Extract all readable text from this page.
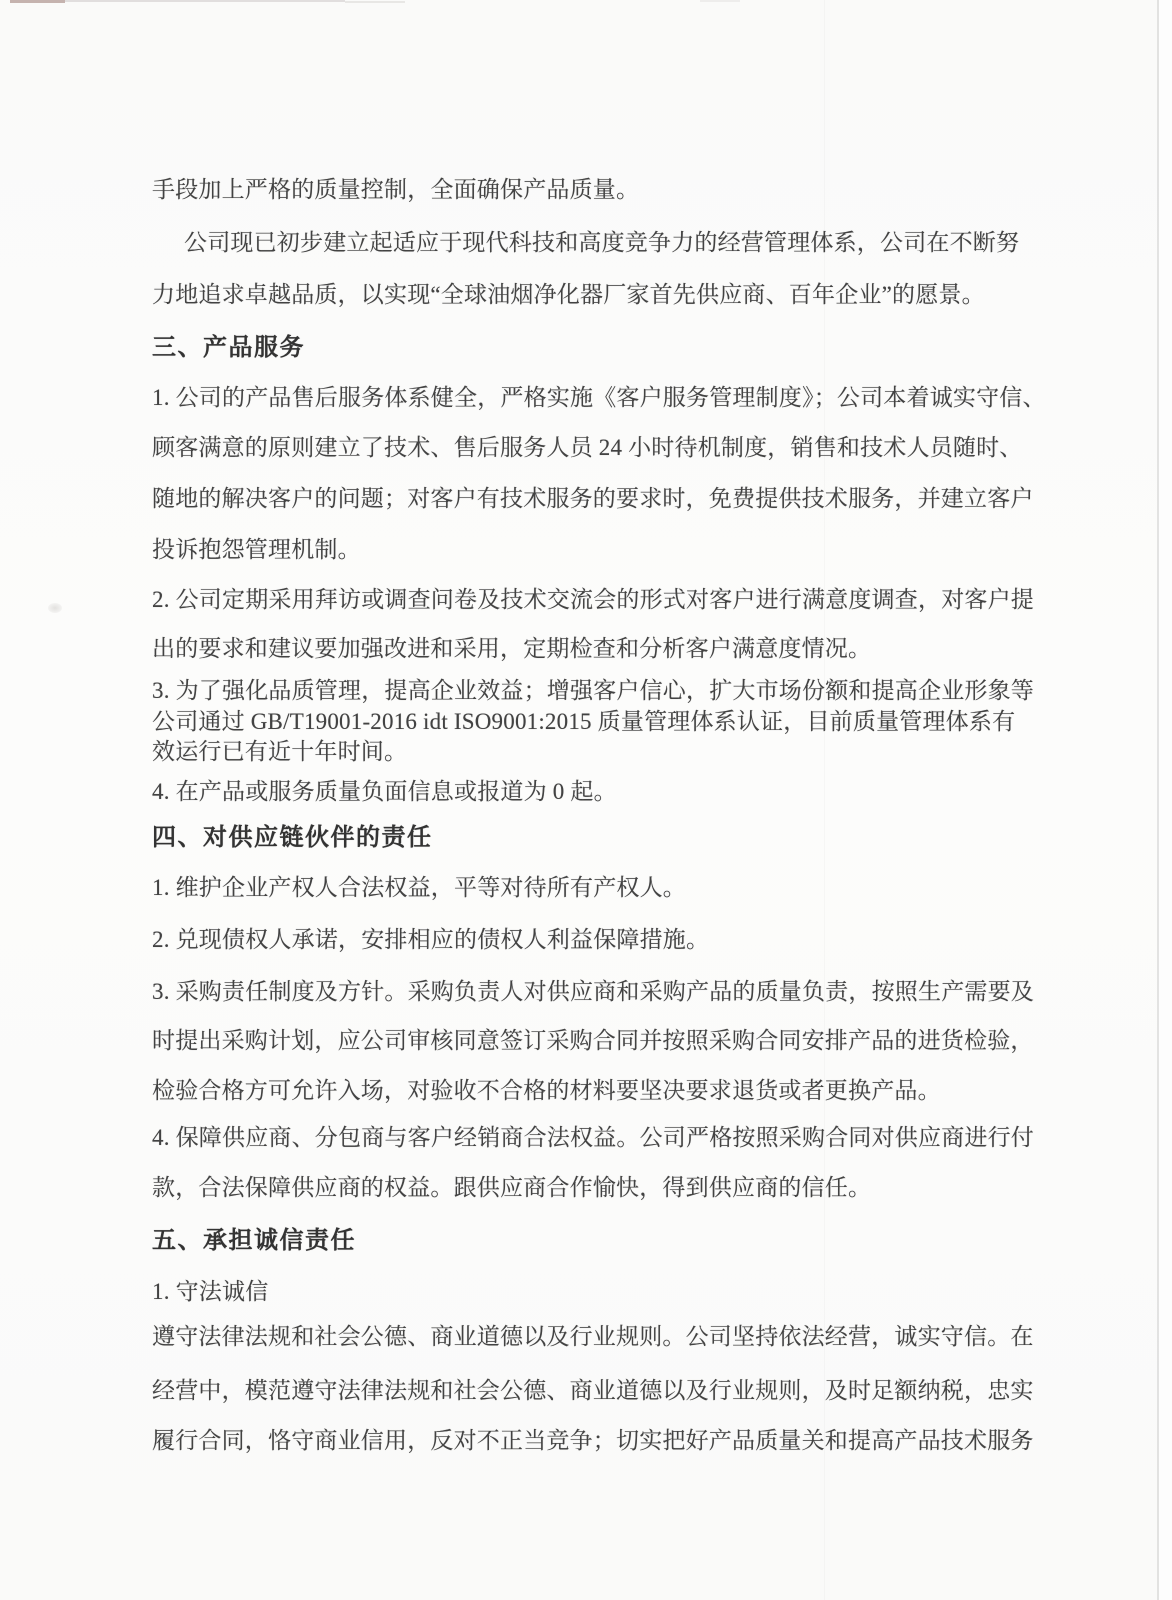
手段加上严格的质量控制，全面确保产品质量。
公司现已初步建立起适应于现代科技和高度竞争力的经营管理体系，公司在不断努
力地追求卓越品质，以实现“全球油烟净化器厂家首先供应商、百年企业”的愿景。
三、产品服务
1. 公司的产品售后服务体系健全，严格实施《客户服务管理制度》；公司本着诚实守信、
顾客满意的原则建立了技术、售后服务人员 24 小时待机制度，销售和技术人员随时、
随地的解决客户的问题；对客户有技术服务的要求时，免费提供技术服务，并建立客户
投诉抱怨管理机制。
2. 公司定期采用拜访或调查问卷及技术交流会的形式对客户进行满意度调查，对客户提
出的要求和建议要加强改进和采用，定期检查和分析客户满意度情况。
3. 为了强化品质管理，提高企业效益；增强客户信心，扩大市场份额和提高企业形象等
公司通过 GB/T19001-2016 idt ISO9001:2015 质量管理体系认证，目前质量管理体系有
效运行已有近十年时间。
4. 在产品或服务质量负面信息或报道为 0 起。
四、对供应链伙伴的责任
1. 维护企业产权人合法权益，平等对待所有产权人。
2. 兑现债权人承诺，安排相应的债权人利益保障措施。
3. 采购责任制度及方针。采购负责人对供应商和采购产品的质量负责，按照生产需要及
时提出采购计划，应公司审核同意签订采购合同并按照采购合同安排产品的进货检验，
检验合格方可允许入场，对验收不合格的材料要坚决要求退货或者更换产品。
4. 保障供应商、分包商与客户经销商合法权益。公司严格按照采购合同对供应商进行付
款，合法保障供应商的权益。跟供应商合作愉快，得到供应商的信任。
五、承担诚信责任
1. 守法诚信
遵守法律法规和社会公德、商业道德以及行业规则。公司坚持依法经营，诚实守信。在
经营中，模范遵守法律法规和社会公德、商业道德以及行业规则，及时足额纳税，忠实
履行合同，恪守商业信用，反对不正当竞争；切实把好产品质量关和提高产品技术服务
